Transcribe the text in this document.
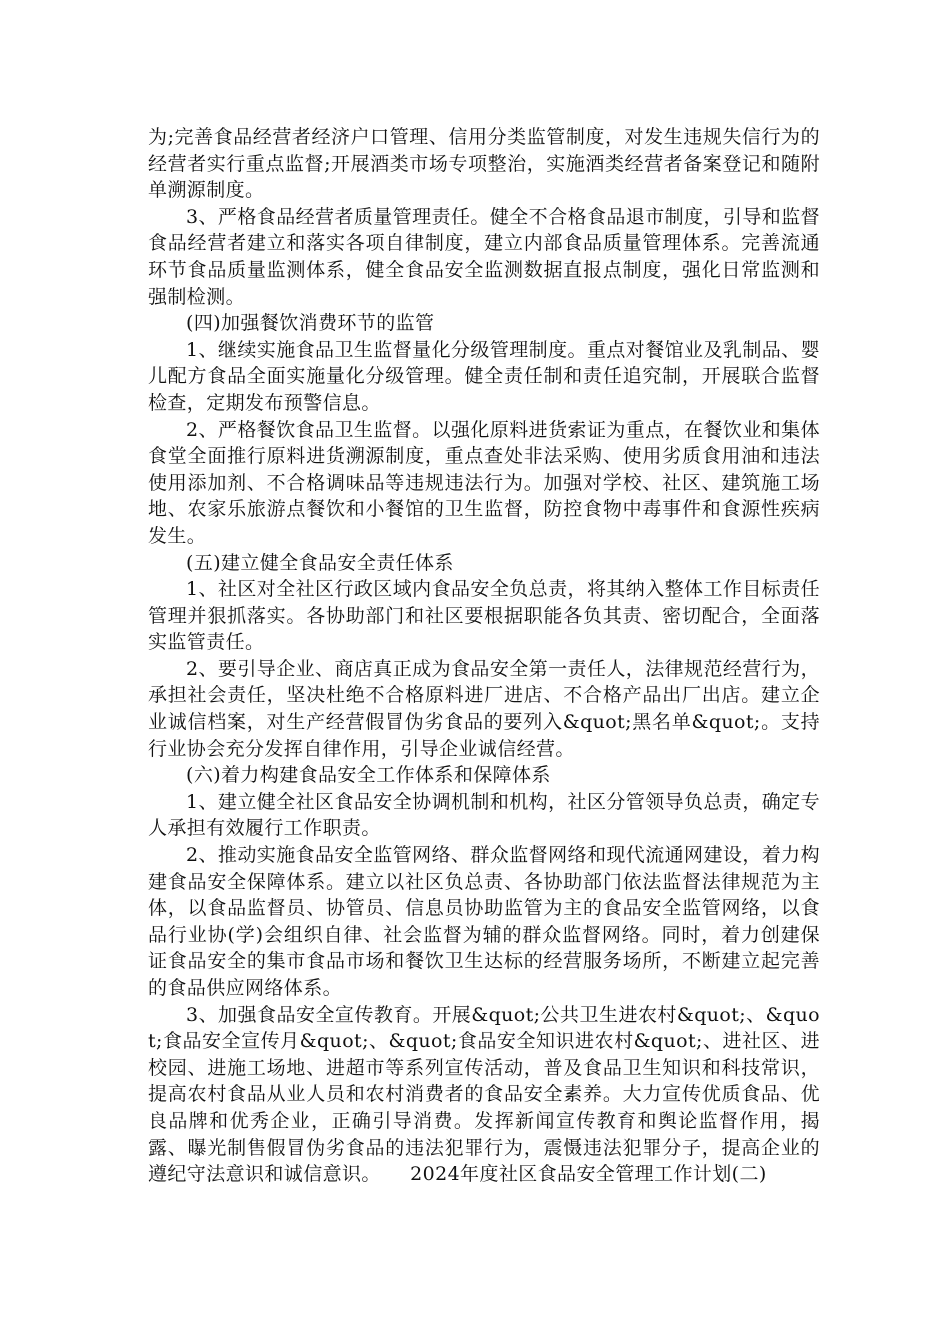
为;完善食品经营者经济户口管理、信用分类监管制度，对发生违规失信行为的经营者实行重点监督;开展酒类市场专项整治，实施酒类经营者备案登记和随附单溯源制度。

3、严格食品经营者质量管理责任。健全不合格食品退市制度，引导和监督食品经营者建立和落实各项自律制度，建立内部食品质量管理体系。完善流通环节食品质量监测体系，健全食品安全监测数据直报点制度，强化日常监测和强制检测。

(四)加强餐饮消费环节的监管

1、继续实施食品卫生监督量化分级管理制度。重点对餐馆业及乳制品、婴儿配方食品全面实施量化分级管理。健全责任制和责任追究制，开展联合监督检查，定期发布预警信息。

2、严格餐饮食品卫生监督。以强化原料进货索证为重点，在餐饮业和集体食堂全面推行原料进货溯源制度，重点查处非法采购、使用劣质食用油和违法使用添加剂、不合格调味品等违规违法行为。加强对学校、社区、建筑施工场地、农家乐旅游点餐饮和小餐馆的卫生监督，防控食物中毒事件和食源性疾病发生。

(五)建立健全食品安全责任体系

1、社区对全社区行政区域内食品安全负总责，将其纳入整体工作目标责任管理并狠抓落实。各协助部门和社区要根据职能各负其责、密切配合，全面落实监管责任。

2、要引导企业、商店真正成为食品安全第一责任人，法律规范经营行为，承担社会责任，坚决杜绝不合格原料进厂进店、不合格产品出厂出店。建立企业诚信档案，对生产经营假冒伪劣食品的要列入&quot;黑名单&quot;。支持行业协会充分发挥自律作用，引导企业诚信经营。

(六)着力构建食品安全工作体系和保障体系

1、建立健全社区食品安全协调机制和机构，社区分管领导负总责，确定专人承担有效履行工作职责。

2、推动实施食品安全监管网络、群众监督网络和现代流通网建设，着力构建食品安全保障体系。建立以社区负总责、各协助部门依法监督法律规范为主体，以食品监督员、协管员、信息员协助监管为主的食品安全监管网络，以食品行业协(学)会组织自律、社会监督为辅的群众监督网络。同时，着力创建保证食品安全的集市食品市场和餐饮卫生达标的经营服务场所，不断建立起完善的食品供应网络体系。

3、加强食品安全宣传教育。开展&quot;公共卫生进农村&quot;、&quot;食品安全宣传月&quot;、&quot;食品安全知识进农村&quot;、进社区、进校园、进施工场地、进超市等系列宣传活动，普及食品卫生知识和科技常识，提高农村食品从业人员和农村消费者的食品安全素养。大力宣传优质食品、优良品牌和优秀企业，正确引导消费。发挥新闻宣传教育和舆论监督作用，揭露、曝光制售假冒伪劣食品的违法犯罪行为，震慑违法犯罪分子，提高企业的遵纪守法意识和诚信意识。　　2024年度社区食品安全管理工作计划(二)
